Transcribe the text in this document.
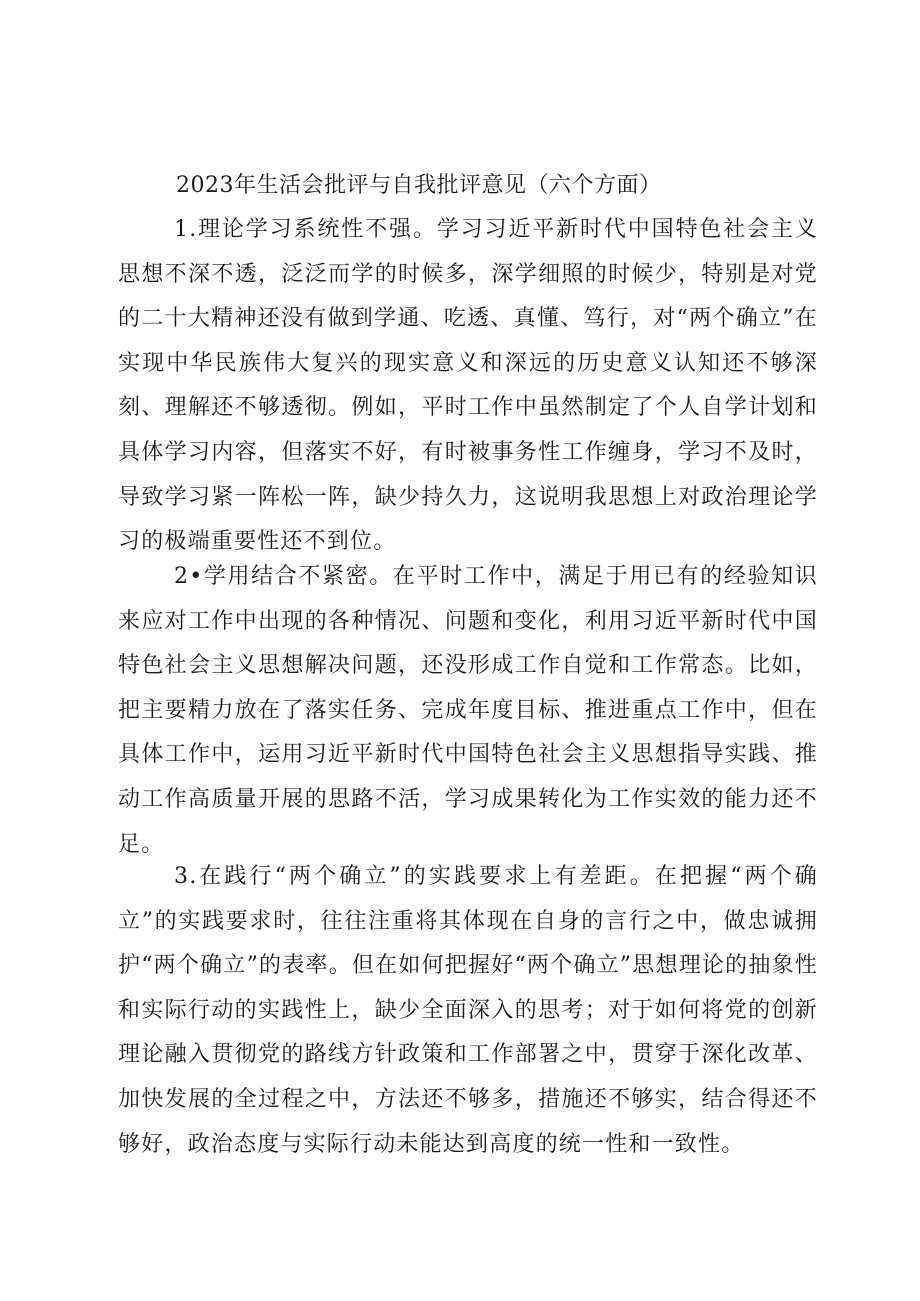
2023年生活会批评与自我批评意见（六个方面）

1.理论学习系统性不强。学习习近平新时代中国特色社会主义思想不深不透，泛泛而学的时候多，深学细照的时候少，特别是对党的二十大精神还没有做到学通、吃透、真懂、笃行，对“两个确立”在实现中华民族伟大复兴的现实意义和深远的历史意义认知还不够深刻、理解还不够透彻。例如，平时工作中虽然制定了个人自学计划和具体学习内容，但落实不好，有时被事务性工作缠身，学习不及时，导致学习紧一阵松一阵，缺少持久力，这说明我思想上对政治理论学习的极端重要性还不到位。

2•学用结合不紧密。在平时工作中，满足于用已有的经验知识来应对工作中出现的各种情况、问题和变化，利用习近平新时代中国特色社会主义思想解决问题，还没形成工作自觉和工作常态。比如，把主要精力放在了落实任务、完成年度目标、推进重点工作中，但在具体工作中，运用习近平新时代中国特色社会主义思想指导实践、推动工作高质量开展的思路不活，学习成果转化为工作实效的能力还不足。

3.在践行“两个确立”的实践要求上有差距。在把握“两个确立”的实践要求时，往往注重将其体现在自身的言行之中，做忠诚拥护“两个确立”的表率。但在如何把握好“两个确立”思想理论的抽象性和实际行动的实践性上，缺少全面深入的思考；对于如何将党的创新理论融入贯彻党的路线方针政策和工作部署之中，贯穿于深化改革、加快发展的全过程之中，方法还不够多，措施还不够实，结合得还不够好，政治态度与实际行动未能达到高度的统一性和一致性。
